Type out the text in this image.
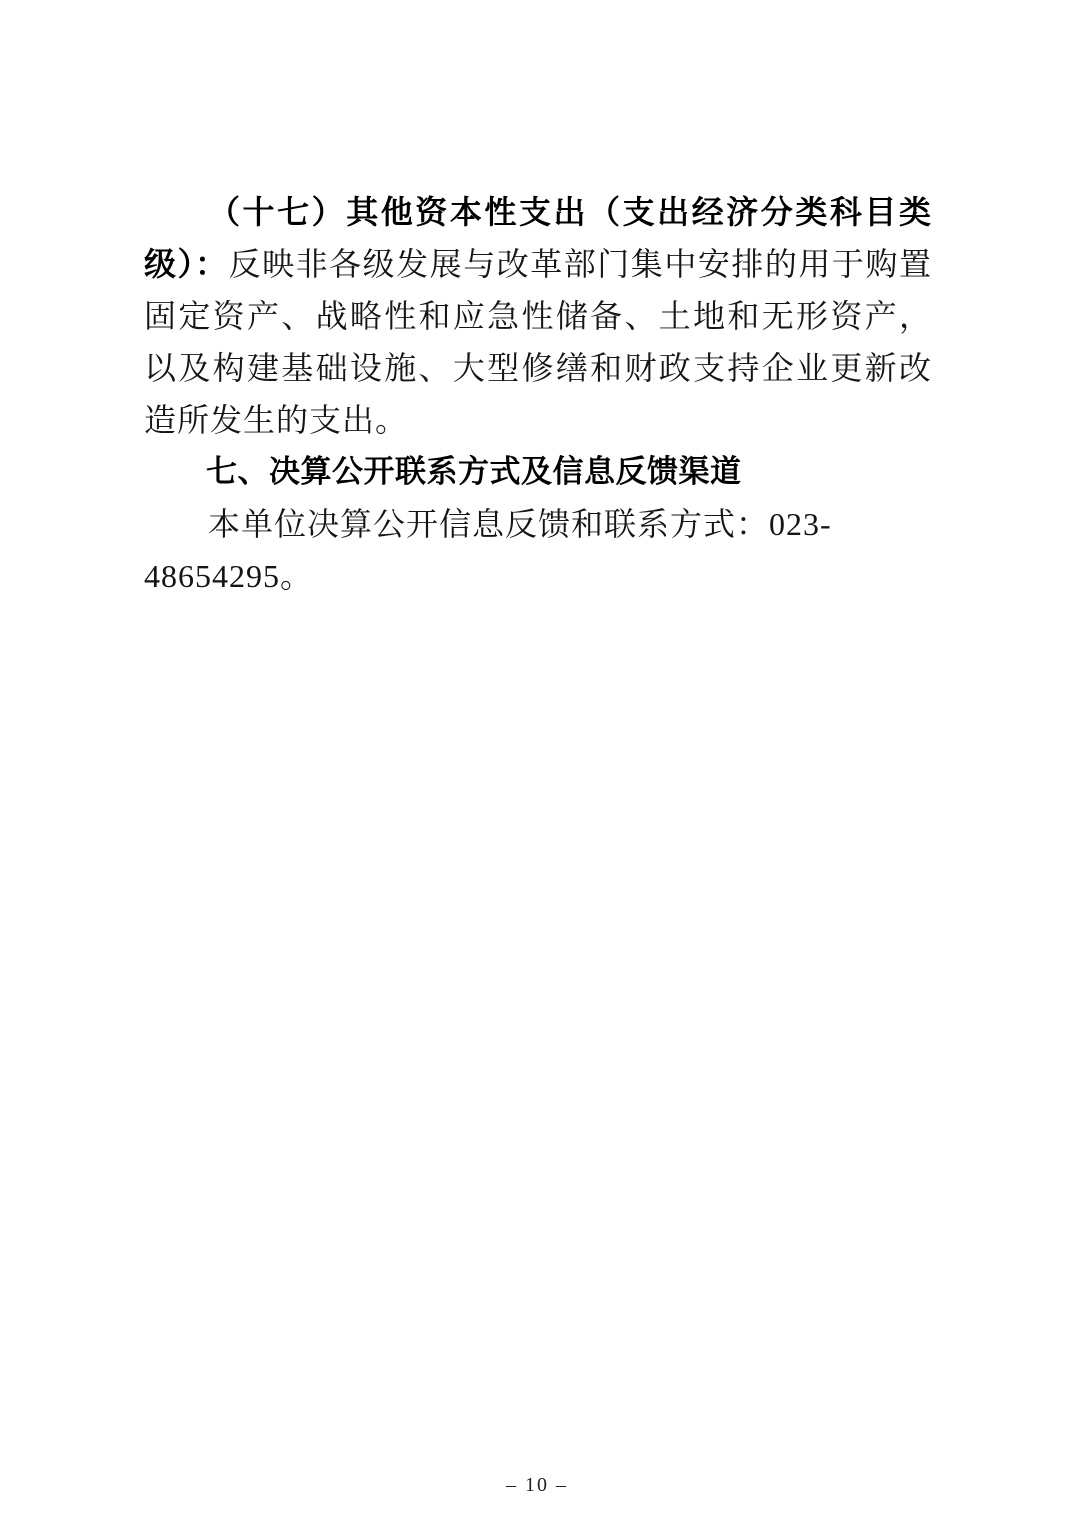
（十七）其他资本性支出（支出经济分类科目类级）：反映非各级发展与改革部门集中安排的用于购置固定资产、战略性和应急性储备、土地和无形资产，以及构建基础设施、大型修缮和财政支持企业更新改造所发生的支出。

七、决算公开联系方式及信息反馈渠道

本单位决算公开信息反馈和联系方式：023-48654295。

– 10 –
